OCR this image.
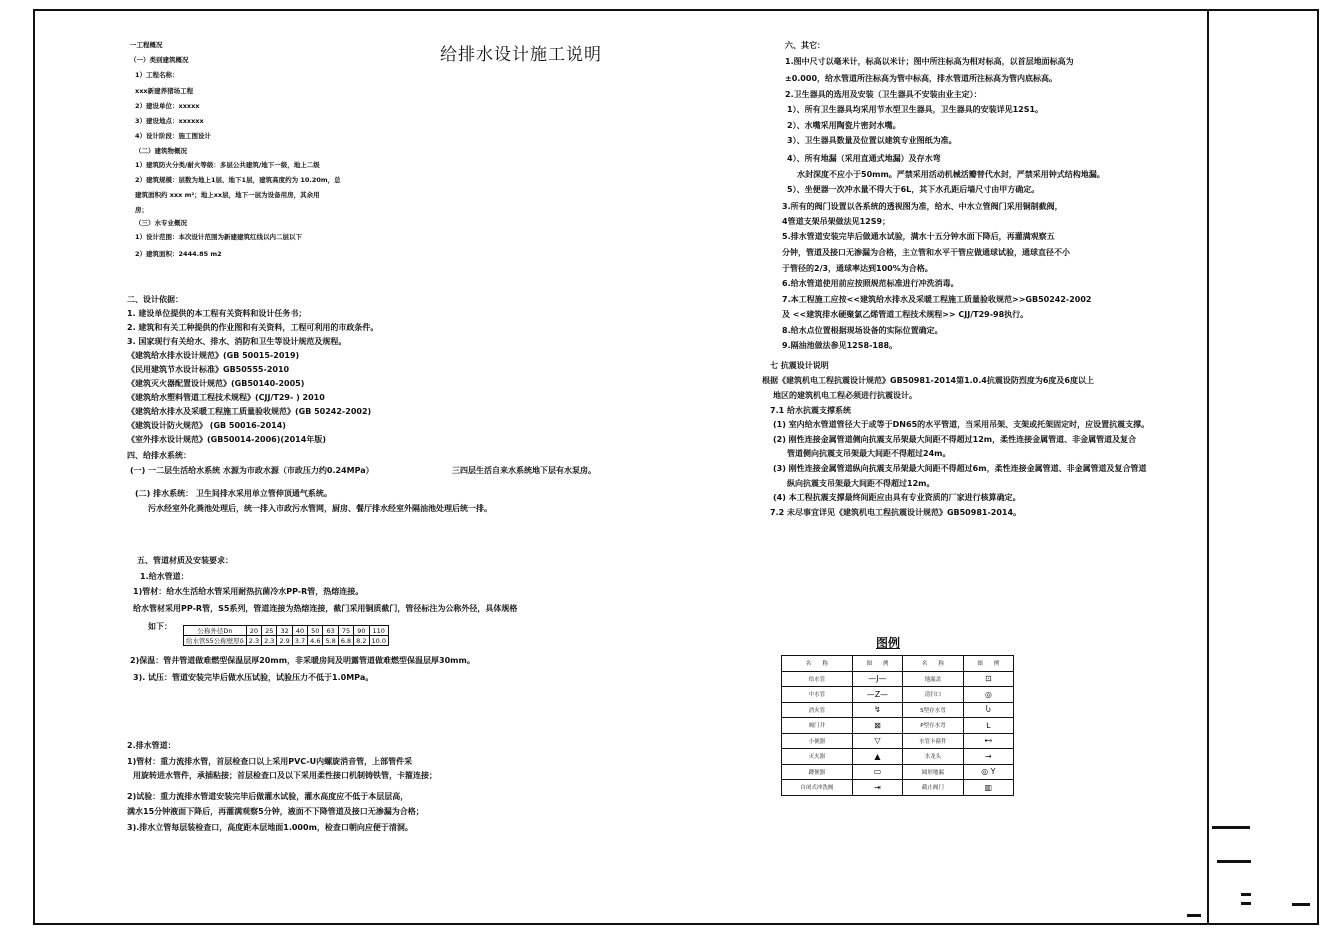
给排水设计施工说明
一工程概况
（一）类别建筑概况
1）工程名称：
xxx新建养猪场工程
2）建设单位：xxxxx
3）建设地点：xxxxxx
4）设计阶段：施工图设计
（二）建筑物概况
1）建筑防火分类/耐火等级：多层公共建筑/地下一级，地上二级
2）建筑规模：层数为地上1层、地下1层，建筑高度约为 10.20m，总
建筑面积约 xxx m²；地上xx层，地下一层为设备用房，其余用
房；
（三）水专业概况
1）设计范围：本次设计范围为新建建筑红线以内二层以下
2）建筑面积：2444.85 m2
二、设计依据：
1. 建设单位提供的本工程有关资料和设计任务书；
2. 建筑和有关工种提供的作业图和有关资料，工程可利用的市政条件。
3. 国家现行有关给水、排水、消防和卫生等设计规范及规程。
《建筑给水排水设计规范》(GB 50015-2019)
《民用建筑节水设计标准》GB50555-2010
《建筑灭火器配置设计规范》(GB50140-2005)
《建筑给水塑料管道工程技术规程》(CJJ/T29- ) 2010
《建筑给水排水及采暖工程施工质量验收规范》(GB 50242-2002)
《建筑设计防火规范》 (GB 50016-2014)
《室外排水设计规范》(GB50014-2006)(2014年版)
四、给排水系统：
(一) 一二层生活给水系统 水源为市政水源（市政压力约0.24MPa）	三四层生活自来水系统地下层有水泵房。
(二) 排水系统： 卫生间排水采用单立管伸顶通气系统。
污水经室外化粪池处理后，统一排入市政污水管网，厨房、餐厅排水经室外隔油池处理后统一排。
五、管道材质及安装要求：
1.给水管道：
1)管材：给水生活给水管采用耐热抗菌冷水PP-R管，热熔连接。
给水管材采用PP-R管，S5系列，管道连接为热熔连接，截门采用铜质截门，管径标注为公称外径，具体规格
如下：	公称外径Dn	20	25	32	40	50	63	75	90	110
给水管S5公称壁厚δ	2.3	2.3	2.9	3.7	4.6	5.8	6.8	8.2	10.0
2)保温：管井管道做难燃型保温层厚20mm，非采暖房间及明露管道做难燃型保温层厚30mm。
3). 试压：管道安装完毕后做水压试验，试验压力不低于1.0MPa。
2.排水管道：
1)管材：重力流排水管，首层检查口以上采用PVC-U内螺旋消音管，上部管件采
用旋转进水管件，承插粘接；首层检查口及以下采用柔性接口机制铸铁管，卡箍连接；
2)试验：重力流排水管道安装完毕后做灌水试验，灌水高度应不低于本层层高，
满水15分钟液面下降后，再灌满观察5分钟，液面不下降管道及接口无渗漏为合格；
3).排水立管每层装检查口，高度距本层地面1.000m，检查口朝向应便于清洞。
六、其它：
1.图中尺寸以毫米计，标高以米计；图中所注标高为相对标高，以首层地面标高为
±0.000，给水管道所注标高为管中标高，排水管道所注标高为管内底标高。
2.卫生器具的选用及安装（卫生器具不安装由业主定）：
1）、所有卫生器具均采用节水型卫生器具，卫生器具的安装详见12S1。
2）、水嘴采用陶瓷片密封水嘴。
3）、卫生器具数量及位置以建筑专业图纸为准。
4）、所有地漏（采用直通式地漏）及存水弯
水封深度不应小于50mm。严禁采用活动机械活瓣替代水封，严禁采用钟式结构地漏。
5）、坐便器一次冲水量不得大于6L，其下水孔距后墙尺寸由甲方确定。
3.所有的阀门设置以各系统的透视图为准，给水、中水立管阀门采用铜制截阀，
4管道支架吊架做法见12S9；
5.排水管道安装完毕后做通水试验，满水十五分钟水面下降后，再灌满观察五
分钟，管道及接口无渗漏为合格，主立管和水平干管应做通球试验，通球直径不小
于管径的2/3，通球率达到100%为合格。
6.给水管道使用前应按照规范标准进行冲洗消毒。
7.本工程施工应按<<建筑给水排水及采暖工程施工质量验收规范>>GB50242-2002
及 <<建筑排水硬聚氯乙烯管道工程技术规程>> CJJ/T29-98执行。
8.给水点位置根据现场设备的实际位置确定。
9.隔油池做法参见12S8-188。
七 抗震设计说明
根据《建筑机电工程抗震设计规范》GB50981-2014第1.0.4抗震设防烈度为6度及6度以上
地区的建筑机电工程必须进行抗震设计。
7.1 给水抗震支撑系统
(1) 室内给水管道管径大于或等于DN65的水平管道，当采用吊架、支架或托架固定时，应设置抗震支撑。
(2) 刚性连接金属管道侧向抗震支吊架最大间距不得超过12m，柔性连接金属管道、非金属管道及复合
管道侧向抗震支吊架最大间距不得超过24m。
(3) 刚性连接金属管道纵向抗震支吊架最大间距不得超过6m，柔性连接金属管道、非金属管道及复合管道
纵向抗震支吊架最大间距不得超过12m。
(4) 本工程抗震支撑最终间距应由具有专业资质的厂家进行核算确定。
7.2 未尽事宜详见《建筑机电工程抗震设计规范》GB50981-2014。
图例
名　　称	图　　例	名　　称	图　　例
给水管	—J—	地漏盖	⊡
中水管	—Z—	清扫口	◎
消火管	↯	S型存水弯	Ⴑ
阀门井	⊠	P型存水弯	ᒪ
小便器	▽	水管卡箍件	⊷
灭火器	▲	水龙头	→
蹲便器	▭	圆形地漏	◎ Y
自闭式冲洗阀	⇥	截止阀门	▥
